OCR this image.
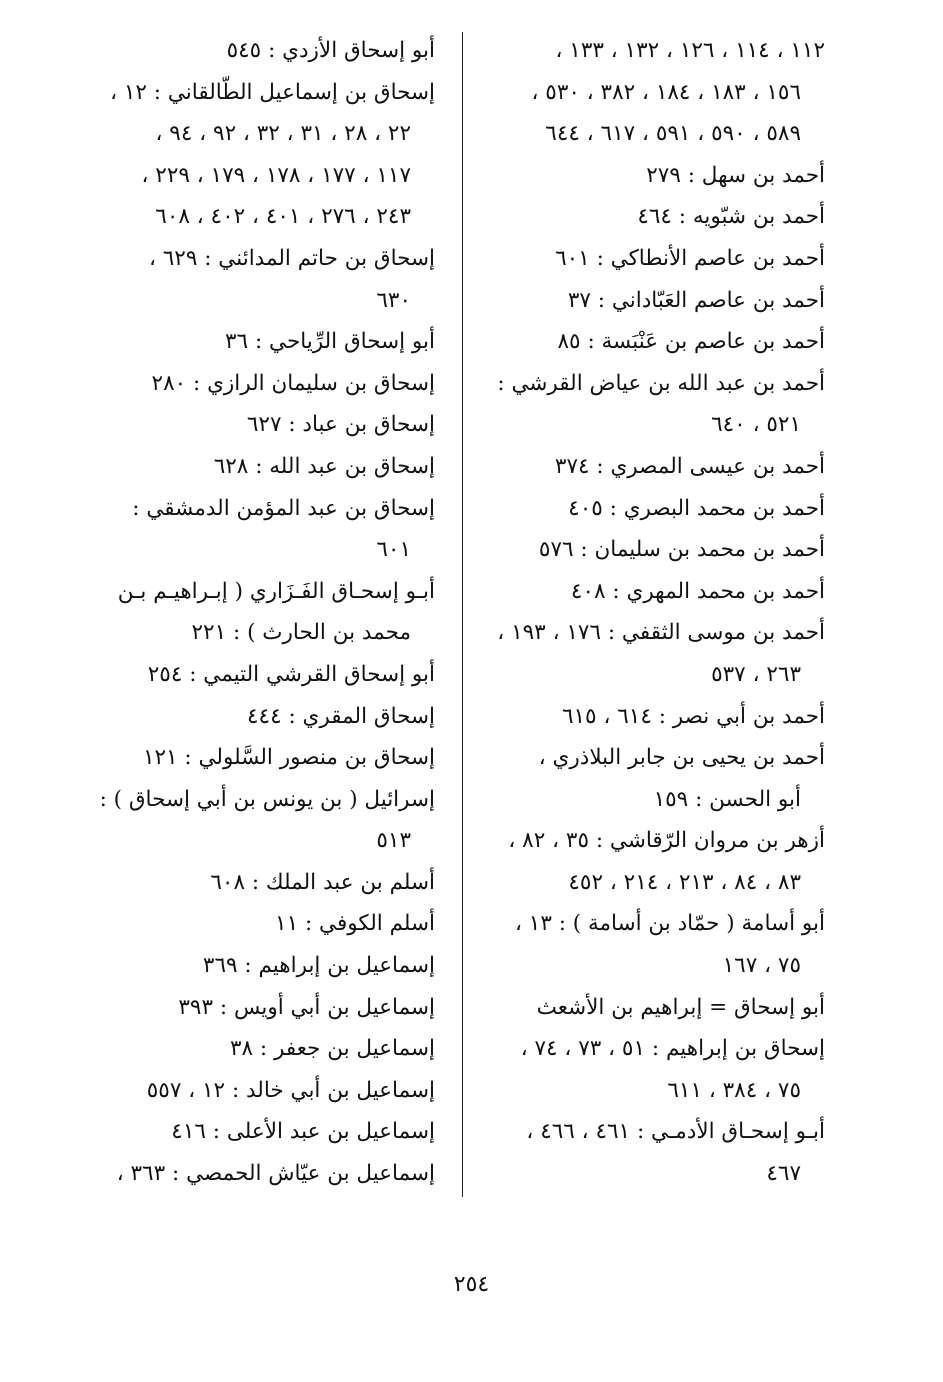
١١٢ ، ١١٤ ، ١٢٦ ، ١٣٢ ، ١٣٣ ،

١٥٦ ، ١٨٣ ، ١٨٤ ، ٣٨٢ ، ٥٣٠ ،
٥٨٩ ، ٥٩٠ ، ٥٩١ ، ٦١٧ ، ٦٤٤
أحمد بن سهل : ٢٧٩
أحمد بن شبّويه : ٤٦٤
أحمد بن عاصم الأنطاكي : ٦٠١
أحمد بن عاصم العَبّاداني : ٣٧
أحمد بن عاصم بن عَنْبَسة : ٨٥
أحمد بن عبد الله بن عياض القرشي :

٥٢١ ، ٦٤٠
أحمد بن عيسى المصري : ٣٧٤
أحمد بن محمد البصري : ٤٠٥
أحمد بن محمد بن سليمان : ٥٧٦
أحمد بن محمد المهري : ٤٠٨
أحمد بن موسى الثقفي : ١٧٦ ، ١٩٣ ،

٢٦٣ ، ٥٣٧
أحمد بن أبي نصر : ٦١٤ ، ٦١٥
أحمد بن يحيى بن جابر البلاذري ،

أبو الحسن : ١٥٩
أزهر بن مروان الرّقاشي : ٣٥ ، ٨٢ ،

٨٣ ، ٨٤ ، ٢١٣ ، ٢١٤ ، ٤٥٢
أبو أسامة ( حمّاد بن أسامة ) : ١٣ ،

٧٥ ، ١٦٧
أبو إسحاق = إبراهيم بن الأشعث
إسحاق بن إبراهيم : ٥١ ، ٧٣ ، ٧٤ ،

٧٥ ، ٣٨٤ ، ٦١١
أبـو إسحـاق الأدمـي : ٤٦١ ، ٤٦٦ ،

٤٦٧
أبو إسحاق الأزدي : ٥٤٥
إسحاق بن إسماعيل الطّالقاني : ١٢ ،

٢٢ ، ٢٨ ، ٣١ ، ٣٢ ، ٩٢ ، ٩٤ ،
١١٧ ، ١٧٧ ، ١٧٨ ، ١٧٩ ، ٢٢٩ ،
٢٤٣ ، ٢٧٦ ، ٤٠١ ، ٤٠٢ ، ٦٠٨
إسحاق بن حاتم المدائني : ٦٢٩ ،

٦٣٠
أبو إسحاق الرِّياحي : ٣٦
إسحاق بن سليمان الرازي : ٢٨٠
إسحاق بن عباد : ٦٢٧
إسحاق بن عبد الله : ٦٢٨
إسحاق بن عبد المؤمن الدمشقي :

٦٠١
أبـو إسحـاق الفَـزَاري ( إبـراهيـم بـن

محمد بن الحارث ) : ٢٢١
أبو إسحاق القرشي التيمي : ٢٥٤
إسحاق المقري : ٤٤٤
إسحاق بن منصور السَّلولي : ١٢١
إسرائيل ( بن يونس بن أبي إسحاق ) :

٥١٣
أسلم بن عبد الملك : ٦٠٨
أسلم الكوفي : ١١
إسماعيل بن إبراهيم : ٣٦٩
إسماعيل بن أبي أويس : ٣٩٣
إسماعيل بن جعفر : ٣٨
إسماعيل بن أبي خالد : ١٢ ، ٥٥٧
إسماعيل بن عبد الأعلى : ٤١٦
إسماعيل بن عيّاش الحمصي : ٣٦٣ ،
٢٥٤
